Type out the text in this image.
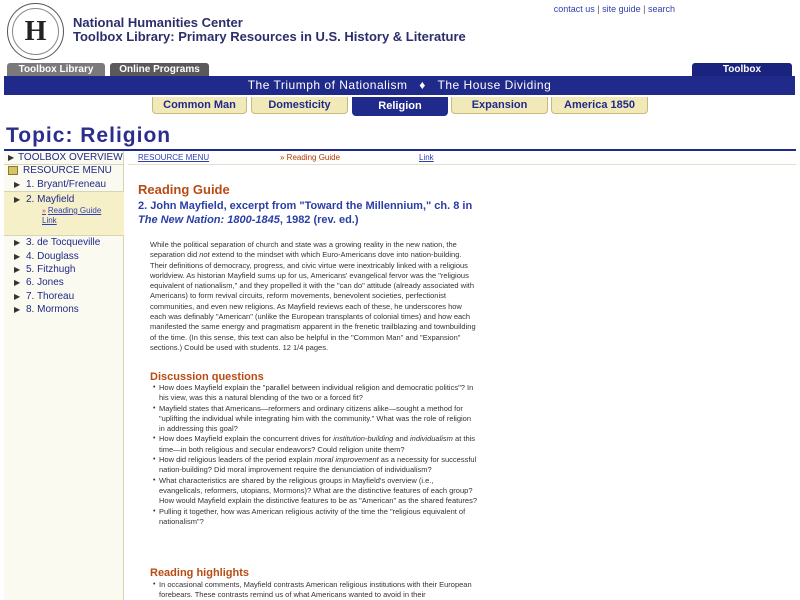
H	National Humanities Center
Toolbox Library: Primary Resources in U.S. History & Literature
contact us | site guide | search
Toolbox Library	Online Programs	Toolbox
The Triumph of Nationalism ♦ The House Dividing
Common Man	Domesticity	Religion	Expansion	America 1850
Topic: Religion
▶ TOOLBOX OVERVIEW
RESOURCE MENU
▶ 1. Bryant/Freneau
▶ 2. Mayfield
» Reading Guide
Link
▶ 3. de Tocqueville
▶ 4. Douglass
▶ 5. Fitzhugh
▶ 6. Jones
▶ 7. Thoreau
▶ 8. Mormons
RESOURCE MENU	» Reading Guide	Link
Reading Guide
2. John Mayfield, excerpt from "Toward the Millennium," ch. 8 in The New Nation: 1800-1845, 1982 (rev. ed.)
While the political separation of church and state was a growing reality in the new nation, the separation did not extend to the mindset with which Euro-Americans dove into nation-building. Their definitions of democracy, progress, and civic virtue were inextricably linked with a religious worldview. As historian Mayfield sums up for us, Americans' evangelical fervor was the "religious equivalent of nationalism," and they propelled it with the "can do" attitude (already associated with Americans) to form revival circuits, reform movements, benevolent societies, perfectionist communities, and even new religions. As Mayfield reviews each of these, he underscores how each was definably "American" (unlike the European transplants of colonial times) and how each manifested the same energy and pragmatism apparent in the frenetic trailblazing and townbuilding of the time. (In this sense, this text can also be helpful in the "Common Man" and "Expansion" sections.) Could be used with students. 12 1/4 pages.
Discussion questions
• How does Mayfield explain the "parallel between individual religion and democratic politics"? In his view, was this a natural blending of the two or a forced fit?
• Mayfield states that Americans—reformers and ordinary citizens alike—sought a method for "uplifting the individual while integrating him with the community." What was the role of religion in addressing this goal?
• How does Mayfield explain the concurrent drives for institution-building and individualism at this time—in both religious and secular endeavors? Could religion unite them?
• How did religious leaders of the period explain moral improvement as a necessity for successful nation-building? Did moral improvement require the denunciation of individualism?
• What characteristics are shared by the religious groups in Mayfield's overview (i.e., evangelicals, reformers, utopians, Mormons)? What are the distinctive features of each group? How would Mayfield explain the distinctive features to be as "American" as the shared features?
• Pulling it together, how was American religious activity of the time the "religious equivalent of nationalism"?
Reading highlights
• In occasional comments, Mayfield contrasts American religious institutions with their European forebears. These contrasts remind us of what Americans wanted to avoid in their
